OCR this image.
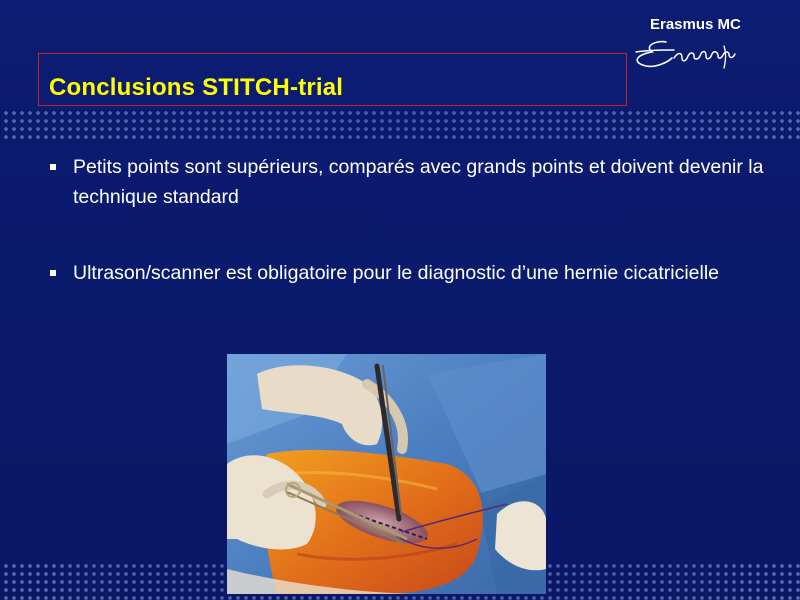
Conclusions STITCH-trial
Erasmus MC
Petits points sont supérieurs, comparés avec grands points et doivent devenir la technique standard
Ultrason/scanner est obligatoire pour le diagnostic d’une hernie cicatricielle
